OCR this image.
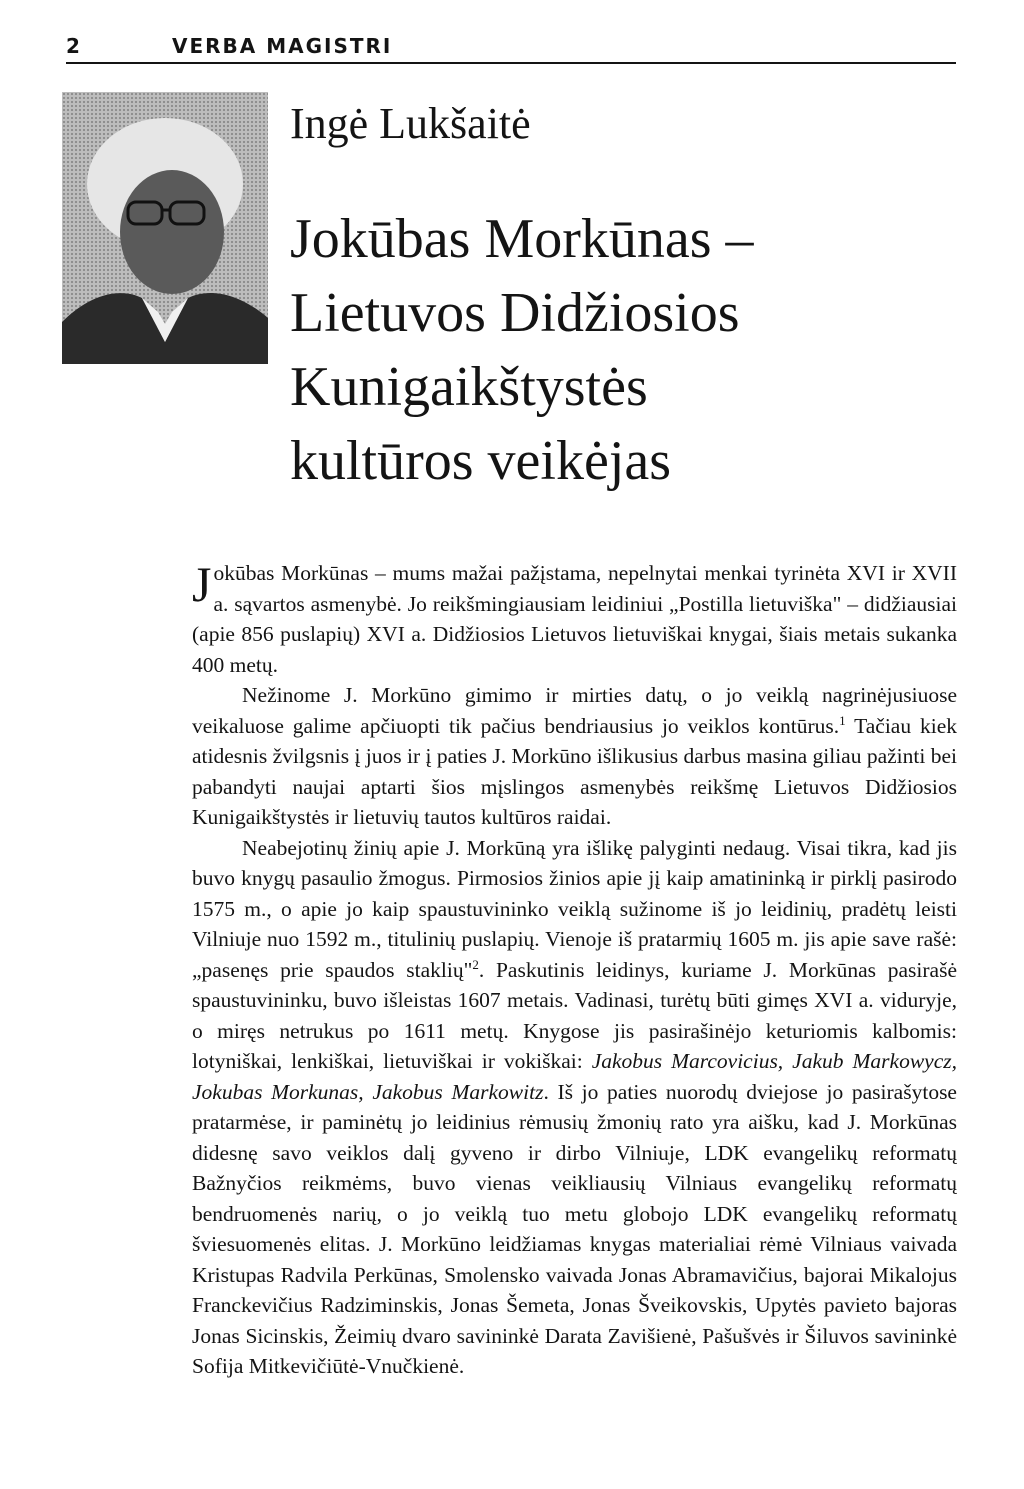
2	VERBA MAGISTRI
Ingė Lukšaitė
Jokūbas Morkūnas –
Lietuvos Didžiosios
Kunigaikštystės
kultūros veikėjas

Jokūbas Morkūnas – mums mažai pažįstama, nepelnytai menkai tyrinėta XVI ir XVII a. sąvartos asmenybė. Jo reikšmingiausiam leidiniui „Postilla lietuviška" – didžiausiai (apie 856 puslapių) XVI a. Didžiosios Lietuvos lietuviškai knygai, šiais metais sukanka 400 metų.

Nežinome J. Morkūno gimimo ir mirties datų, o jo veiklą nagrinėjusiuose veikaluose galime apčiuopti tik pačius bendriausius jo veiklos kontūrus.$^1$ Tačiau kiek atidesnis žvilgsnis į juos ir į paties J. Morkūno išlikusius darbus masina giliau pažinti bei pabandyti naujai aptarti šios mįslingos asmenybės reikšmę Lietuvos Didžiosios Kunigaikštystės ir lietuvių tautos kultūros raidai.

Neabejotinų žinių apie J. Morkūną yra išlikę palyginti nedaug. Visai tikra, kad jis buvo knygų pasaulio žmogus. Pirmosios žinios apie jį kaip amatininką ir pirklį pasirodo 1575 m., o apie jo kaip spaustuvininko veiklą sužinome iš jo leidinių, pradėtų leisti Vilniuje nuo 1592 m., titulinių puslapių. Vienoje iš pratarmių 1605 m. jis apie save rašė: „pasenęs prie spaudos staklių"$^2$. Paskutinis leidinys, kuriame J. Morkūnas pasirašė spaustuvininku, buvo išleistas 1607 metais. Vadinasi, turėtų būti gimęs XVI a. viduryje, o miręs netrukus po 1611 metų. Knygose jis pasirašinėjo keturiomis kalbomis: lotyniškai, lenkiškai, lietuviškai ir vokiškai: Jakobus Marcovicius, Jakub Markowycz, Jokubas Morkunas, Jakobus Markowitz. Iš jo paties nuorodų dviejose jo pasirašytose pratarmėse, ir paminėtų jo leidinius rėmusių žmonių rato yra aišku, kad J. Morkūnas didesnę savo veiklos dalį gyveno ir dirbo Vilniuje, LDK evangelikų reformatų Bažnyčios reikmėms, buvo vienas veikliausių Vilniaus evangelikų reformatų bendruomenės narių, o jo veiklą tuo metu globojo LDK evangelikų reformatų šviesuomenės elitas. J. Morkūno leidžiamas knygas materialiai rėmė Vilniaus vaivada Kristupas Radvila Perkūnas, Smolensko vaivada Jonas Abramavičius, bajorai Mikalojus Franckevičius Radziminskis, Jonas Šemeta, Jonas Šveikovskis, Upytės pavieto bajoras Jonas Sicinskis, Žeimių dvaro savininkė Darata Zavišienė, Pašušvės ir Šiluvos savininkė Sofija Mitkevičiūtė-Vnučkienė.
